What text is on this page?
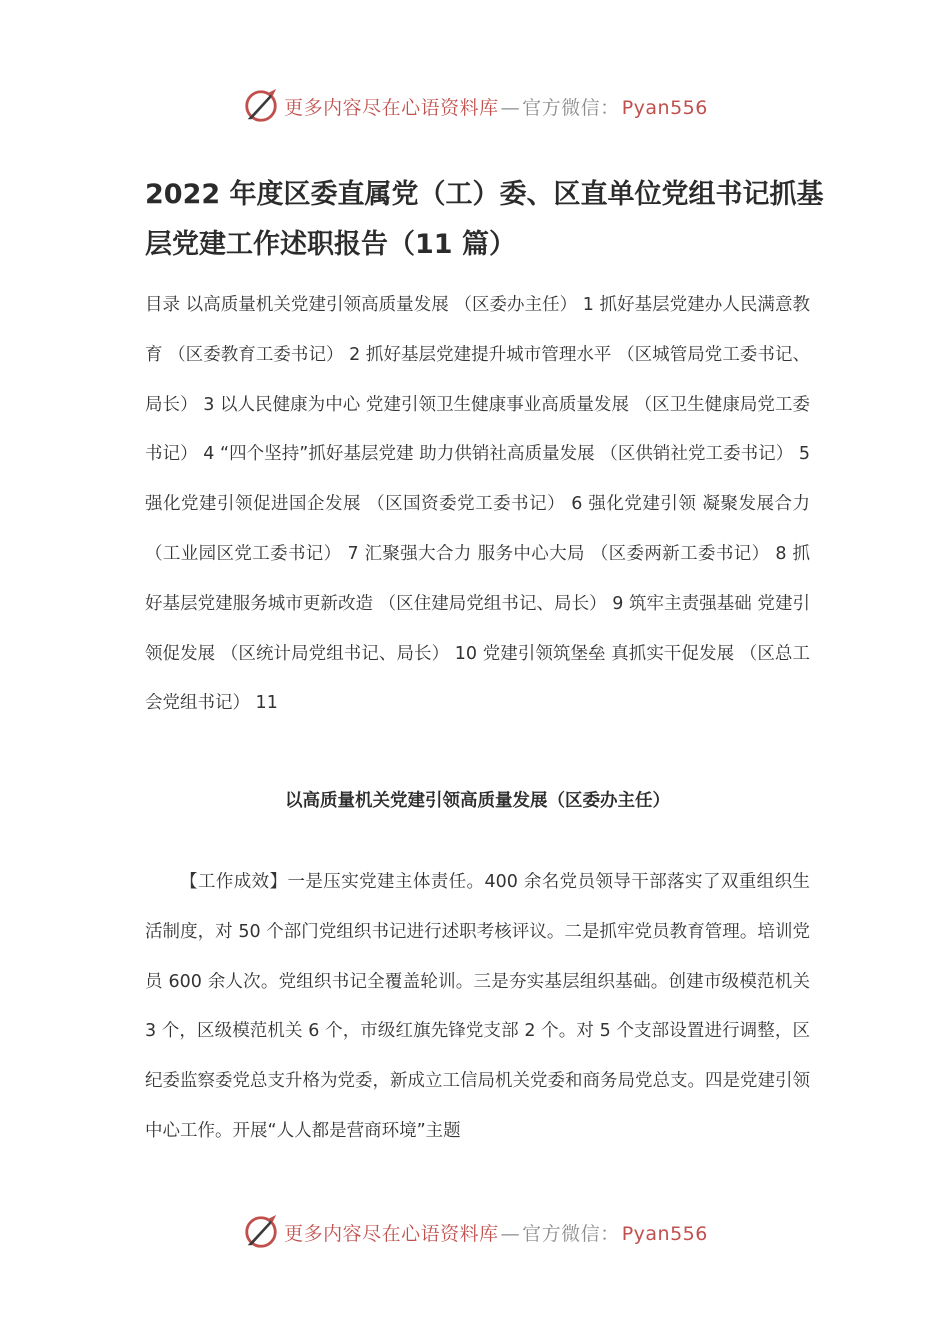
更多内容尽在心语资料库 — 官方微信： Pyan556
2022 年度区委直属党（工）委、区直单位党组书记抓基层党建工作述职报告（11 篇）

目录 以高质量机关党建引领高质量发展 （区委办主任） 1 抓好基层党建办人民满意教育 （区委教育工委书记） 2 抓好基层党建提升城市管理水平 （区城管局党工委书记、局长） 3 以人民健康为中心 党建引领卫生健康事业高质量发展 （区卫生健康局党工委书记） 4 “四个坚持”抓好基层党建 助力供销社高质量发展 （区供销社党工委书记） 5 强化党建引领促进国企发展 （区国资委党工委书记） 6 强化党建引领 凝聚发展合力 （工业园区党工委书记） 7 汇聚强大合力 服务中心大局 （区委两新工委书记） 8 抓好基层党建服务城市更新改造 （区住建局党组书记、局长） 9 筑牢主责强基础 党建引领促发展 （区统计局党组书记、局长） 10 党建引领筑堡垒 真抓实干促发展 （区总工会党组书记） 11

以高质量机关党建引领高质量发展（区委办主任）

【工作成效】一是压实党建主体责任。400 余名党员领导干部落实了双重组织生活制度，对 50 个部门党组织书记进行述职考核评议。二是抓牢党员教育管理。培训党员 600 余人次。党组织书记全覆盖轮训。三是夯实基层组织基础。创建市级模范机关 3 个，区级模范机关 6 个，市级红旗先锋党支部 2 个。对 5 个支部设置进行调整，区纪委监察委党总支升格为党委，新成立工信局机关党委和商务局党总支。四是党建引领中心工作。开展“人人都是营商环境”主题

更多内容尽在心语资料库 — 官方微信： Pyan556
